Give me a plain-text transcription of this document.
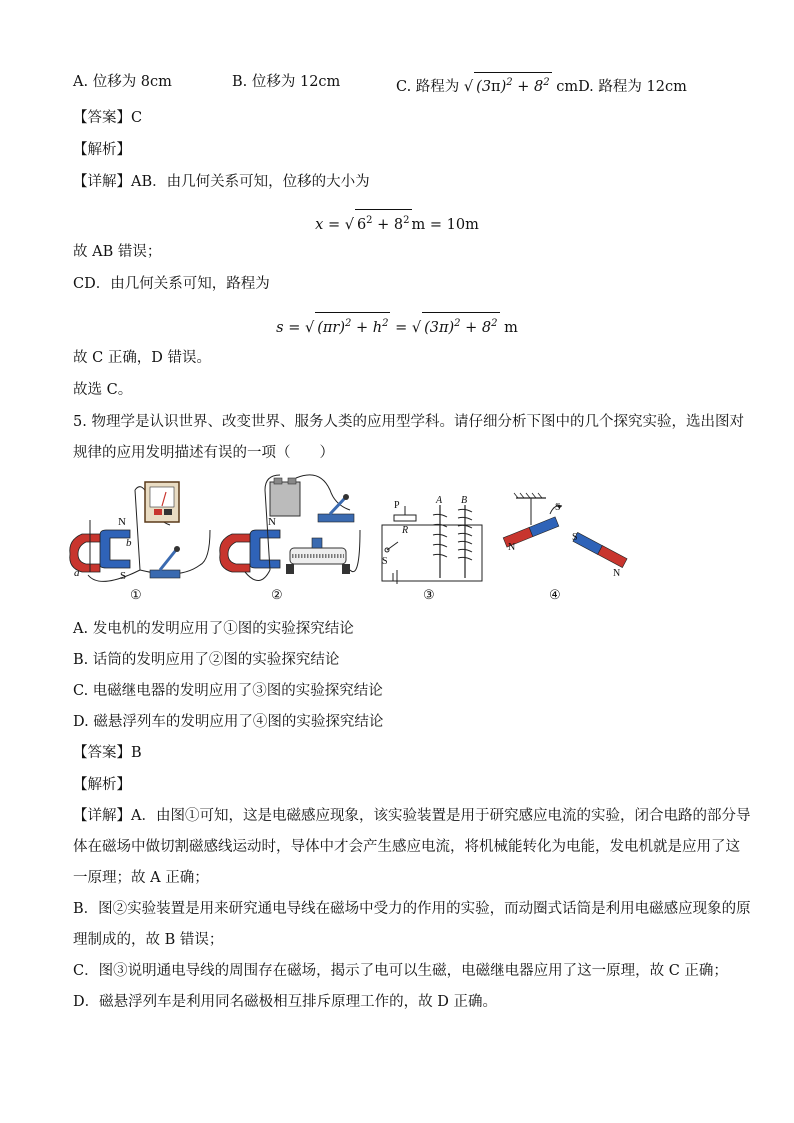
A. 位移为 8cm	B. 位移为 12cm	C. 路程为 √ $(3\pi)^2 + 8^2$ cmD. 路程为 12cm
【答案】C
【解析】
【详解】AB．由几何关系可知，位移的大小为
x = √ $6^2 + 8^2$ m = 10m
故 AB 错误；
CD．由几何关系可知，路程为
s = √ $(\pi r)^2 + h^2$ = √ $(3\pi)^2 + 8^2$ m
故 C 正确，D 错误。
故选 C。
5. 物理学是认识世界、改变世界、服务人类的应用型学科。请仔细分析下图中的几个探究实验，选出图对
规律的应用发明描述有误的一项（　　）
N
S
b
a
N
P
R
A B
S
N
S
S
N
①	②	③	④
A. 发电机的发明应用了①图的实验探究结论
B. 话筒的发明应用了②图的实验探究结论
C. 电磁继电器的发明应用了③图的实验探究结论
D. 磁悬浮列车的发明应用了④图的实验探究结论
【答案】B
【解析】
【详解】A．由图①可知，这是电磁感应现象，该实验装置是用于研究感应电流的实验，闭合电路的部分导
体在磁场中做切割磁感线运动时，导体中才会产生感应电流，将机械能转化为电能，发电机就是应用了这
一原理；故 A 正确；
B．图②实验装置是用来研究通电导线在磁场中受力的作用的实验，而动圈式话筒是利用电磁感应现象的原
理制成的，故 B 错误；
C．图③说明通电导线的周围存在磁场，揭示了电可以生磁，电磁继电器应用了这一原理，故 C 正确；
D．磁悬浮列车是利用同名磁极相互排斥原理工作的，故 D 正确。
